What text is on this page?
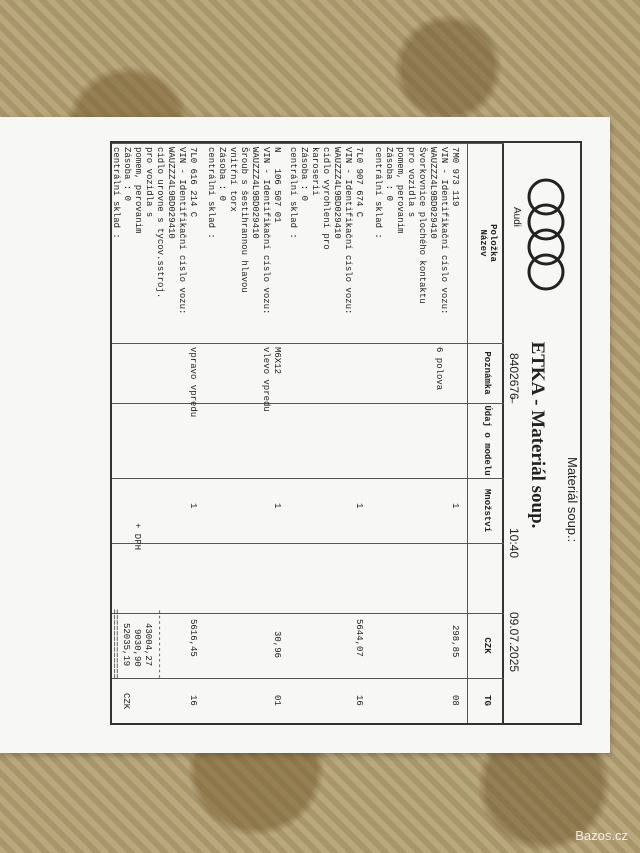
Audi
ETKA - Materiál soup.
Položka
Název
Poznámka
Údaj o modelu
Množství
CZK
TG
7M0 973 119
VIN - Identifikační císlo vozu:
WAUZZZ4L9BD029410
Švorkovnice plochého kontaktu
pro vozidla s
pomem, perovanim
Zásoba : 0
centrální sklad :
6 polova
1
298,85
08
7L0 907 674 C
VIN - Identifikační císlo vozu:
WAUZZZ4L9BD029410
cidlo vyrohlení pro
karoserii
Zásoba : 0
centrální sklad :
1
5644,07
16
N   106 507 01
VIN - Identifikační císlo vozu:
WAUZZZ4L9BD029410
Šroub s šestihrannou hlavou
vnitřní torx
Zásoba : 0
centrální sklad :
M6X12
vlevo vpredu
1
30,96
01
7L0 616 214 C
VIN - Identifikační císlo vozu:
WAUZZZ4L9BD029410
cidlo urovne s tycov.sstroj.
pro vozidla s
pomem, perovanim
Zásoba : 0
centrální sklad :
vpravo vpredu
1
5616,45
16
-------------
+ DPH
43004,27
9030,90
52035,19
CZK
=============
Materiál soup.:
8402676̶
10:40
09.07.2025
Bazos.cz
